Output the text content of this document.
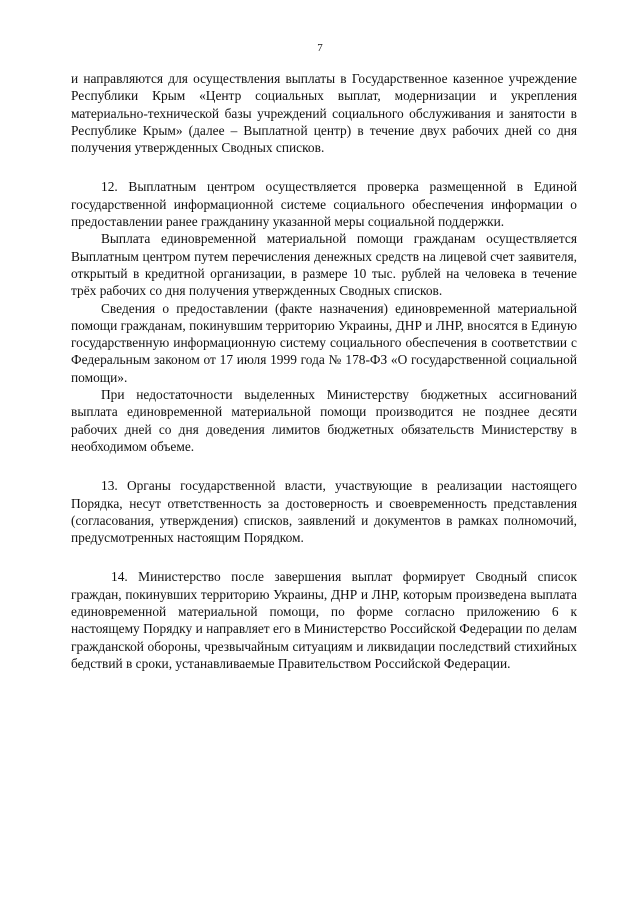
7

и направляются для осуществления выплаты в Государственное казенное учреждение Республики Крым «Центр социальных выплат, модернизации и укрепления материально-технической базы учреждений социального обслуживания и занятости в Республике Крым» (далее – Выплатной центр) в течение двух рабочих дней со дня получения утвержденных Сводных списков.

12. Выплатным центром осуществляется проверка размещенной в Единой государственной информационной системе социального обеспечения информации о предоставлении ранее гражданину указанной меры социальной поддержки.

Выплата единовременной материальной помощи гражданам осуществляется Выплатным центром путем перечисления денежных средств на лицевой счет заявителя, открытый в кредитной организации, в размере 10 тыс. рублей на человека в течение трёх рабочих со дня получения утвержденных Сводных списков.

Сведения о предоставлении (факте назначения) единовременной материальной помощи гражданам, покинувшим территорию Украины, ДНР и ЛНР, вносятся в Единую государственную информационную систему социального обеспечения в соответствии с Федеральным законом от 17 июля 1999 года № 178-ФЗ «О государственной социальной помощи».

При недостаточности выделенных Министерству бюджетных ассигнований выплата единовременной материальной помощи производится не позднее десяти рабочих дней со дня доведения лимитов бюджетных обязательств Министерству в необходимом объеме.

13. Органы государственной власти, участвующие в реализации настоящего Порядка, несут ответственность за достоверность и своевременность представления (согласования, утверждения) списков, заявлений и документов в рамках полномочий, предусмотренных настоящим Порядком.

14. Министерство после завершения выплат формирует Сводный список граждан, покинувших территорию Украины, ДНР и ЛНР, которым произведена выплата единовременной материальной помощи, по форме согласно приложению 6 к настоящему Порядку и направляет его в Министерство Российской Федерации по делам гражданской обороны, чрезвычайным ситуациям и ликвидации последствий стихийных бедствий в сроки, устанавливаемые Правительством Российской Федерации.
